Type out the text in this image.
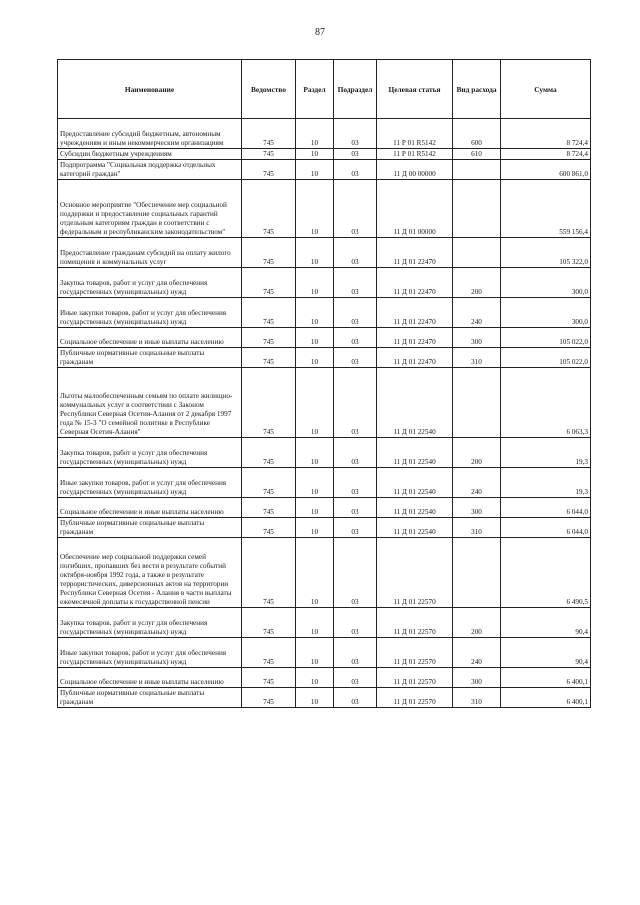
87
Наименование	Ведомство	Раздел	Подраздел	Целевая статья	Вид расхода	Сумма
Предоставление субсидий бюджетным, автономным учреждениям и иным некоммерческим организациям	745	10	03	11 Р 01 R5142	600	8 724,4
Субсидии бюджетным учреждениям	745	10	03	11 Р 01 R5142	610	8 724,4
Подпрограмма "Социальная поддержка отдельных категорий граждан"	745	10	03	11 Д 00 00000		600 861,0
Основное мероприятие "Обеспечение мер социальной поддержки и предоставление социальных гарантий отдельным категориям граждан в соответствии с федеральным и республиканским законодательством"	745	10	03	11 Д 01 00000		559 156,4
Предоставление гражданам субсидий на оплату жилого помещения и коммунальных услуг	745	10	03	11 Д 01 22470		105 322,0
Закупка товаров, работ и услуг для обеспечения государственных (муниципальных) нужд	745	10	03	11 Д 01 22470	200	300,0
Иные закупки товаров, работ и услуг для обеспечения государственных (муниципальных) нужд	745	10	03	11 Д 01 22470	240	300,0
Социальное обеспечение и иные выплаты населению	745	10	03	11 Д 01 22470	300	105 022,0
Публичные нормативные социальные выплаты гражданам	745	10	03	11 Д 01 22470	310	105 022,0
Льготы малообеспеченным семьям по оплате жилищно-коммунальных услуг в соответствии с Законом Республики Северная Осетия-Алания от 2 декабря 1997 года № 15-3 "О семейной политике в Республике Северная Осетия-Алания"	745	10	03	11 Д 01 22540		6 063,3
Закупка товаров, работ и услуг для обеспечения государственных (муниципальных) нужд	745	10	03	11 Д 01 22540	200	19,3
Иные закупки товаров, работ и услуг для обеспечения государственных (муниципальных) нужд	745	10	03	11 Д 01 22540	240	19,3
Социальное обеспечение и иные выплаты населению	745	10	03	11 Д 01 22540	300	6 044,0
Публичные нормативные социальные выплаты гражданам	745	10	03	11 Д 01 22540	310	6 044,0
Обеспечение мер социальной поддержки семей погибших, пропавших без вести в результате событий октября-ноября 1992 года, а также в результате террористических, диверсионных актов на территории Республики Северная Осетия - Алания в части выплаты ежемесячной доплаты к государственной пенсии	745	10	03	11 Д 01 22570		6 490,5
Закупка товаров, работ и услуг для обеспечения государственных (муниципальных) нужд	745	10	03	11 Д 01 22570	200	90,4
Иные закупки товаров, работ и услуг для обеспечения государственных (муниципальных) нужд	745	10	03	11 Д 01 22570	240	90,4
Социальное обеспечение и иные выплаты населению	745	10	03	11 Д 01 22570	300	6 400,1
Публичные нормативные социальные выплаты гражданам	745	10	03	11 Д 01 22570	310	6 400,1
